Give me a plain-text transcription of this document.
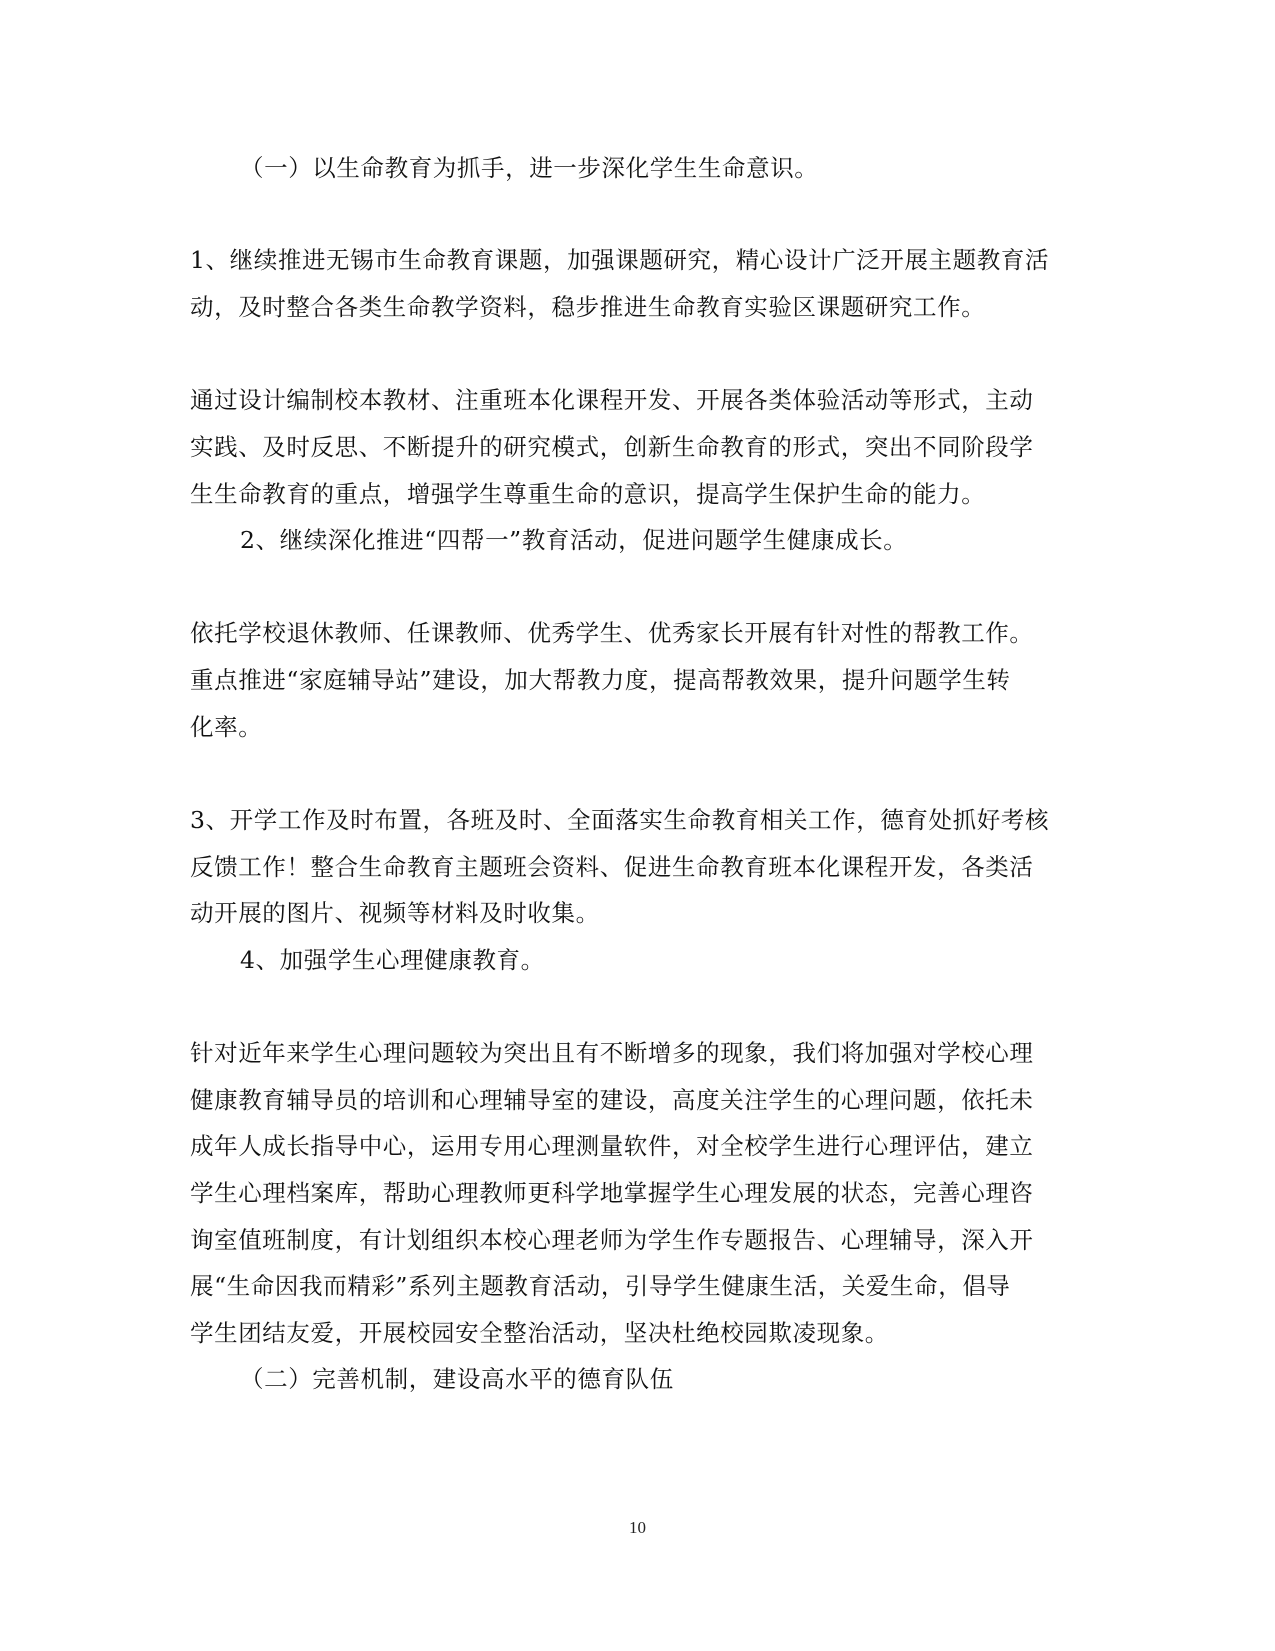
（一）以生命教育为抓手，进一步深化学生生命意识。
1、继续推进无锡市生命教育课题，加强课题研究，精心设计广泛开展主题教育活
动，及时整合各类生命教学资料，稳步推进生命教育实验区课题研究工作。
通过设计编制校本教材、注重班本化课程开发、开展各类体验活动等形式，主动
实践、及时反思、不断提升的研究模式，创新生命教育的形式，突出不同阶段学
生生命教育的重点，增强学生尊重生命的意识，提高学生保护生命的能力。
2、继续深化推进“四帮一”教育活动，促进问题学生健康成长。
依托学校退休教师、任课教师、优秀学生、优秀家长开展有针对性的帮教工作。
重点推进“家庭辅导站”建设，加大帮教力度，提高帮教效果，提升问题学生转
化率。
3、开学工作及时布置，各班及时、全面落实生命教育相关工作，德育处抓好考核
反馈工作！整合生命教育主题班会资料、促进生命教育班本化课程开发，各类活
动开展的图片、视频等材料及时收集。
4、加强学生心理健康教育。
针对近年来学生心理问题较为突出且有不断增多的现象，我们将加强对学校心理
健康教育辅导员的培训和心理辅导室的建设，高度关注学生的心理问题，依托未
成年人成长指导中心，运用专用心理测量软件，对全校学生进行心理评估，建立
学生心理档案库，帮助心理教师更科学地掌握学生心理发展的状态，完善心理咨
询室值班制度，有计划组织本校心理老师为学生作专题报告、心理辅导，深入开
展“生命因我而精彩”系列主题教育活动，引导学生健康生活，关爱生命，倡导
学生团结友爱，开展校园安全整治活动，坚决杜绝校园欺凌现象。
（二）完善机制，建设高水平的德育队伍
10
